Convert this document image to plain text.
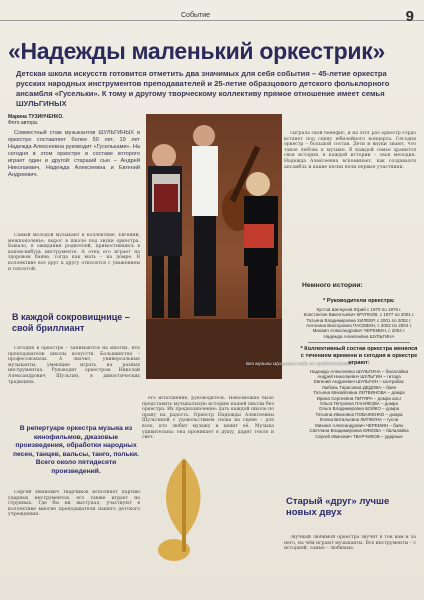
Событие	9
«Надежды маленький оркестрик»
Детская школа искусств готовится отметить два значимых для себя события – 45-летие оркестра русских народных инструментов преподавателей и 25-летие образцового детского фольклорного ансамбля «Гусельки». К тому и другому творческому коллективу прямое отношение имеет семья ШУЛЬГИНЫХ
Марина ТУЗИНЧЕНКО.
Фото автора.

Совместный стаж музыкантов ШУЛЬГИНЫХ в оркестре составляет более 50 лет, 19 лет Надежда Алексеевна руководит «Гусельками». На сегодня в этом оркестре в составе которого играет один и другой: старший сын – Андрей Николаевич, Надежда Алексеевна и Евгений Андреевич.

Самый молодой музыкант в коллективе, Евгений, межпоколенье, вырос в школе под звуки оркестра. Бывало, в ожидании родителей, примостившись в каком-нибудь инструменте. А отец его играет на здоровом баяне, тогда как мать – на домре. В коллективе все друг к другу относятся с уважением и теплотой.

В каждой сокровищнице – свой бриллиант

Сегодня в оркестре – занимаются на многих. Все преподаватели школы искусств. Большинство – профессионалы. А значит, универсальные музыканты, умеющие играть на разных инструментах. Руководит оркестром Николай Александрович Шульгин, в династических традициях.

В репертуаре оркестра музыка из кинофильмов, джазовые произведения, обработки народных песен, танцев, вальсы, танго, польки. Всего около пятидесяти произведений.

Сергей Иванович Тварчиков исполняет партию ударных инструментов, его также играет на струнных. Где бы ни выступал, участвуют в коллективе многие преподаватели нашего детского учреждения.

Без музыки Шульгины себе не представляют.

его исполнение, руководитель. Невозможно было представить музыкальную историю нашей школы без оркестра. Их предназначение: дать каждой школе по праву на радость. Оркестр Надежды Алексеевны Шульгиной с удовольствием снова на сцене – для всех, кто любит музыку и ценит её. Музыка удивительна: она проникает в душу, дарит тепло и свет.

сыграла свой бенефис, и на этот раз оркестр гордо встанет под сцену юбилейного концерта. Сегодня оркестр – большой состав. Дети и внуки знают, что такое любовь к музыке. В каждой семье хранится своя история, в каждой истории – своя мелодия. Надежда Алексеевна вспоминает, как создавался ансамбль и какие песни пели первые участники.

Немного истории:
* Руководители оркестра:
Кустов Шелкунов Юрий с 1970 по 1976 г.
Константин Викентьевич КРУПКОВ, с 1977 по 2001 г.
Татьяна Владимировна ХИЛЕЕР, с 2001 по 2002 г.
Антонина Викторовна ПАСЕВИН, с 2002 по 2004 г.
Михаил Александрович ЧЕРЕМИН, с 2004 г.
Надежда Алексеевна ШУЛЬГИНА
* Коллективный состав оркестра менялся с течением времени и сегодня в оркестре играют:
Надежда Алексеевна ШУЛЬГИНА – балалайка
Андрей Николаевич ШУЛЬГИН – гитара
Евгений Андреевич ШУЛЬГИН – контрабас
Любовь Тарасовна ДЕДОВА – баян
Татьяна Михайловна ЛИТВИНОВА – домра
Ирина Сергеевна ПИТЯРА – домра альт
Ольга Петровна ПАНИКОВА – домра
Ольга Владимировна БОЙКО – домра
Татьяна Ивановна ПОБАЖЕНКО – домра
Елена Витальевна ЛИПКИНА – гусли
Михаил Александрович ЧЕРЕМИН – баян
Светлана Владимировна БЯКОВА – балалайка
Сергей Иванович ТВАРЧИКОВ – ударные
Старый «друг» лучше новых двух

Звучный любимой оркестра звучит в тон вам и за него, на чём играют музыканты. Все инструменты – с историей, самые – любимые.
